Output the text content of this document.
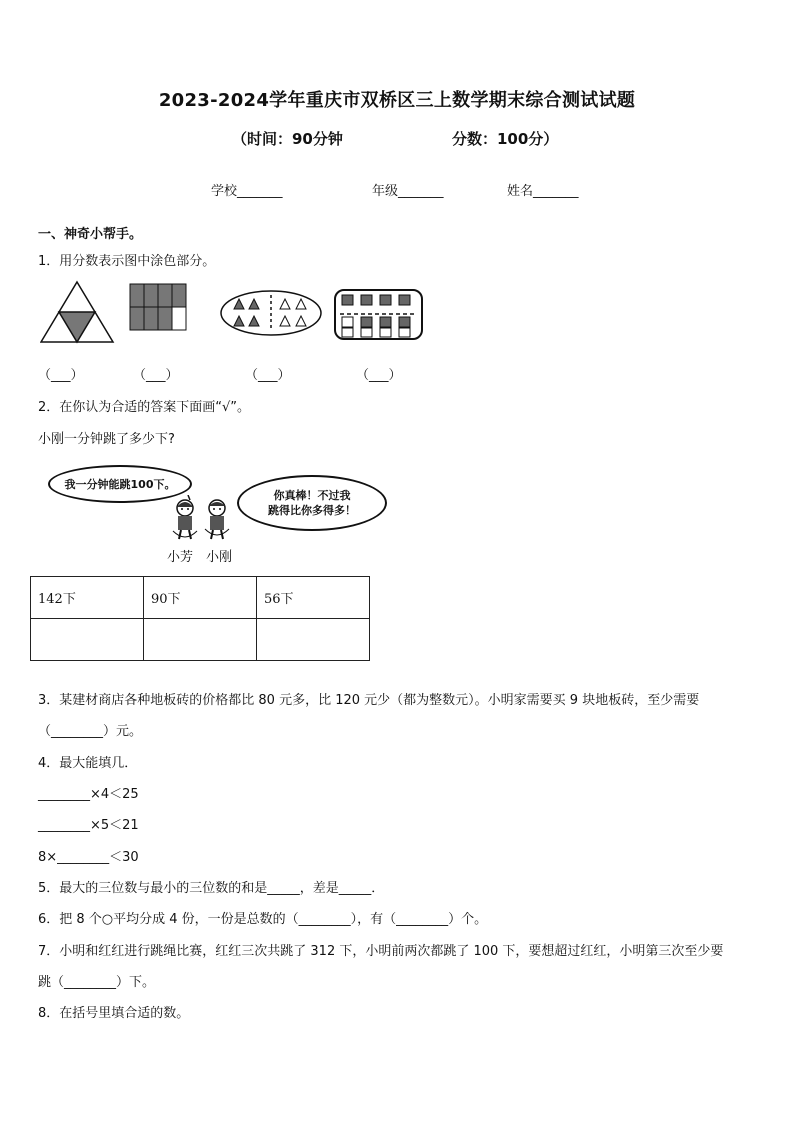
2023-2024学年重庆市双桥区三上数学期末综合测试试题
（时间：90分钟	分数：100分）
学校_______	年级_______	姓名_______
一、神奇小帮手。
1．用分数表示图中涂色部分。
（___）	（___）	（___）	（___）
2．在你认为合适的答案下面画“√”。
小刚一分钟跳了多少下?
我一分钟能跳100下。
你真棒！不过我
跳得比你多得多！
小芳 小刚
142下	90下	56下

3．某建材商店各种地板砖的价格都比 80 元多，比 120 元少（都为整数元）。小明家需要买 9 块地板砖，至少需要
（________）元。
4．最大能填几．
________×4＜25
________×5＜21
8×________＜30
5．最大的三位数与最小的三位数的和是_____，差是_____．
6．把 8 个○平均分成 4 份，一份是总数的（________），有（________）个。
7．小明和红红进行跳绳比赛，红红三次共跳了 312 下，小明前两次都跳了 100 下，要想超过红红，小明第三次至少要
跳（________）下。
8．在括号里填合适的数。
